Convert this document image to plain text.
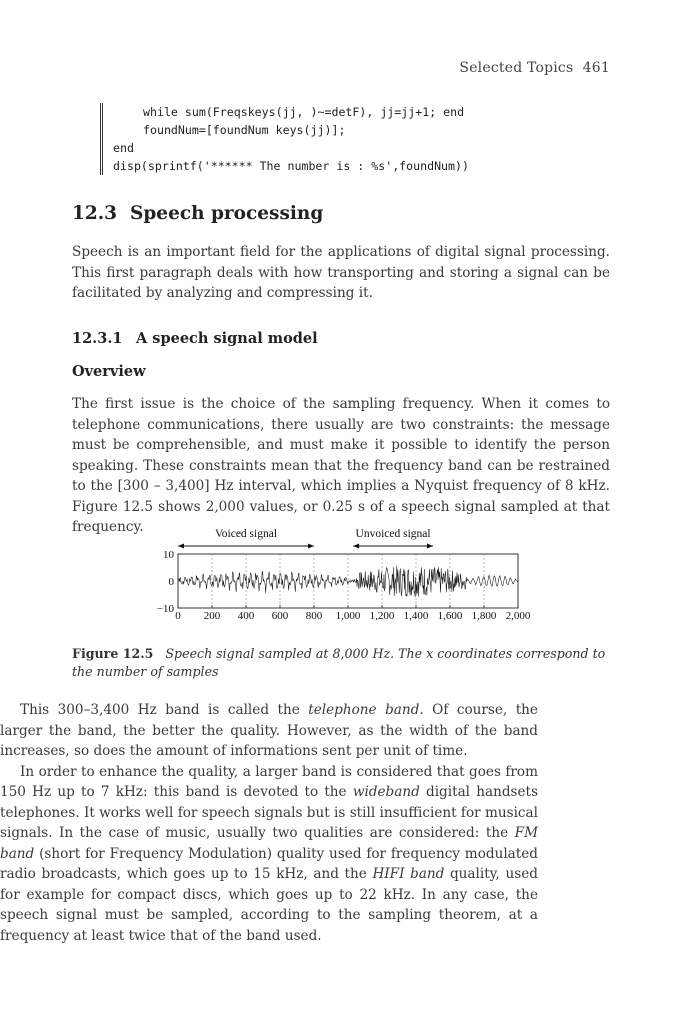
Selected Topics 461
while sum(Freqskeys(jj, )~=detF), jj=jj+1; end
foundNum=[foundNum keys(jj)];
end
disp(sprintf('****** The number is : %s',foundNum))
12.3 Speech processing
Speech is an important field for the applications of digital signal processing. This first paragraph deals with how transporting and storing a signal can be facilitated by analyzing and compressing it.
12.3.1 A speech signal model
Overview
The first issue is the choice of the sampling frequency. When it comes to telephone communications, there usually are two constraints: the message must be comprehensible, and must make it possible to identify the person speaking. These constraints mean that the frequency band can be restrained to the [300 – 3,400] Hz interval, which implies a Nyquist frequency of 8 kHz. Figure 12.5 shows 2,000 values, or 0.25 s of a speech signal sampled at that frequency.
0 200 400 600 800 1,000 1,200 1,400 1,600 1,800 2,000
10
0
−10
Voiced signal	Unvoiced signal
Figure 12.5 Speech signal sampled at 8,000 Hz. The x coordinates correspond to the number of samples
This 300–3,400 Hz band is called the telephone band. Of course, the larger the band, the better the quality. However, as the width of the band increases, so does the amount of informations sent per unit of time.
In order to enhance the quality, a larger band is considered that goes from 150 Hz up to 7 kHz: this band is devoted to the wideband digital handsets telephones. It works well for speech signals but is still insufficient for musical signals. In the case of music, usually two qualities are considered: the FM band (short for Frequency Modulation) quality used for frequency modulated radio broadcasts, which goes up to 15 kHz, and the HIFI band quality, used for example for compact discs, which goes up to 22 kHz. In any case, the speech signal must be sampled, according to the sampling theorem, at a frequency at least twice that of the band used.
